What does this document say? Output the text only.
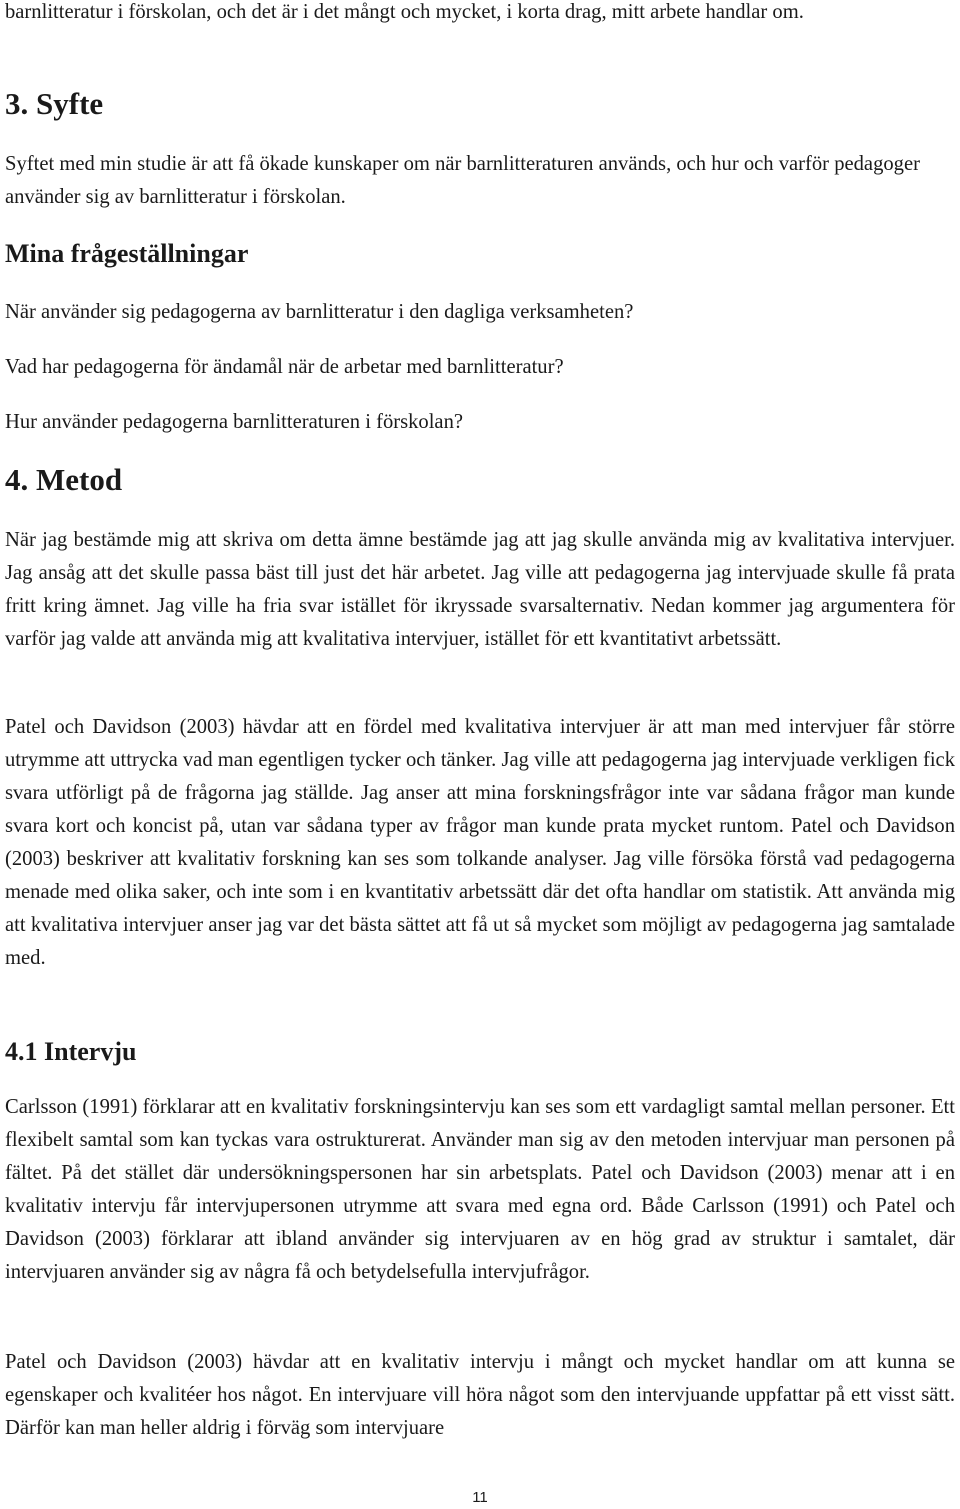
barnlitteratur i förskolan, och det är i det mångt och mycket, i korta drag, mitt arbete handlar om.

3. Syfte

Syftet med min studie är att få ökade kunskaper om när barnlitteraturen används, och hur och varför pedagoger använder sig av barnlitteratur i förskolan.

Mina frågeställningar

När använder sig pedagogerna av barnlitteratur i den dagliga verksamheten?

Vad har pedagogerna för ändamål när de arbetar med barnlitteratur?

Hur använder pedagogerna barnlitteraturen i förskolan?

4. Metod

När jag bestämde mig att skriva om detta ämne bestämde jag att jag skulle använda mig av kvalitativa intervjuer. Jag ansåg att det skulle passa bäst till just det här arbetet. Jag ville att pedagogerna jag intervjuade skulle få prata fritt kring ämnet. Jag ville ha fria svar istället för ikryssade svarsalternativ. Nedan kommer jag argumentera för varför jag valde att använda mig att kvalitativa intervjuer, istället för ett kvantitativt arbetssätt.

Patel och Davidson (2003) hävdar att en fördel med kvalitativa intervjuer är att man med intervjuer får större utrymme att uttrycka vad man egentligen tycker och tänker. Jag ville att pedagogerna jag intervjuade verkligen fick svara utförligt på de frågorna jag ställde. Jag anser att mina forskningsfrågor inte var sådana frågor man kunde svara kort och koncist på, utan var sådana typer av frågor man kunde prata mycket runtom. Patel och Davidson (2003) beskriver att kvalitativ forskning kan ses som tolkande analyser. Jag ville försöka förstå vad pedagogerna menade med olika saker, och inte som i en kvantitativ arbetssätt där det ofta handlar om statistik. Att använda mig att kvalitativa intervjuer anser jag var det bästa sättet att få ut så mycket som möjligt av pedagogerna jag samtalade med.

4.1 Intervju

Carlsson (1991) förklarar att en kvalitativ forskningsintervju kan ses som ett vardagligt samtal mellan personer. Ett flexibelt samtal som kan tyckas vara ostrukturerat. Använder man sig av den metoden intervjuar man personen på fältet. På det stället där undersökningspersonen har sin arbetsplats. Patel och Davidson (2003) menar att i en kvalitativ intervju får intervjupersonen utrymme att svara med egna ord. Både Carlsson (1991) och Patel och Davidson (2003) förklarar att ibland använder sig intervjuaren av en hög grad av struktur i samtalet, där intervjuaren använder sig av några få och betydelsefulla intervjufrågor.

Patel och Davidson (2003) hävdar att en kvalitativ intervju i mångt och mycket handlar om att kunna se egenskaper och kvalitéer hos något. En intervjuare vill höra något som den intervjuande uppfattar på ett visst sätt. Därför kan man heller aldrig i förväg som intervjuare

11
